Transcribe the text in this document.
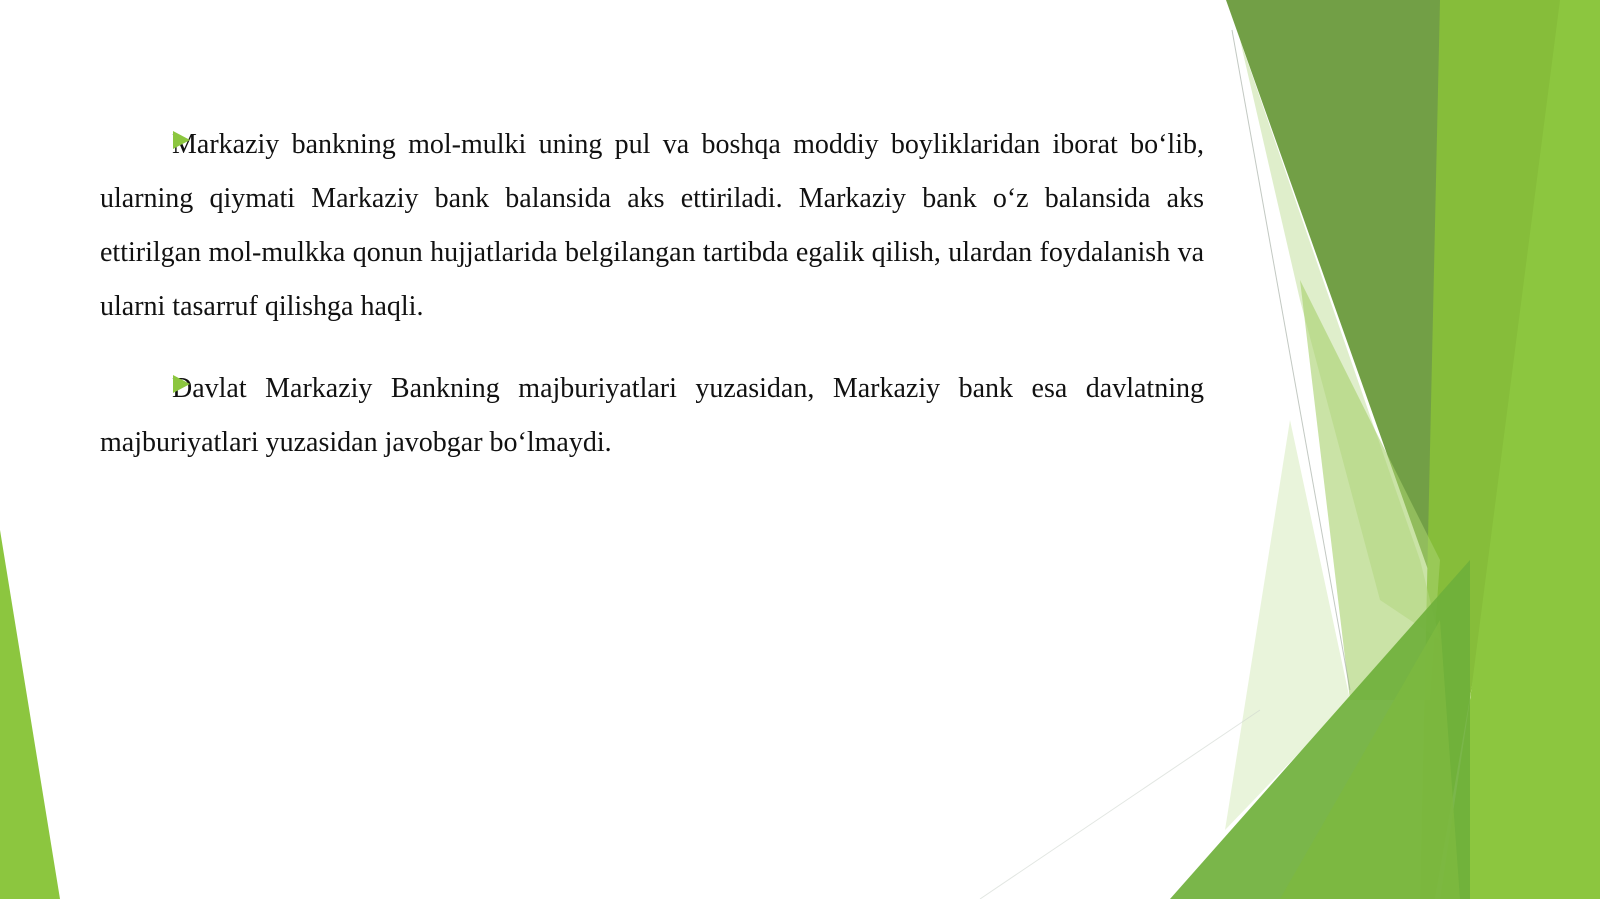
Markaziy bankning mol-mulki uning pul va boshqa moddiy boyliklaridan iborat bo‘lib, ularning qiymati Markaziy bank balansida aks ettiriladi. Markaziy bank o‘z balansida aks ettirilgan mol-mulkka qonun hujjatlarida belgilangan tartibda egalik qilish, ulardan foydalanish va ularni tasarruf qilishga haqli.

Davlat Markaziy Bankning majburiyatlari yuzasidan, Markaziy bank esa davlatning majburiyatlari yuzasidan javobgar bo‘lmaydi.
